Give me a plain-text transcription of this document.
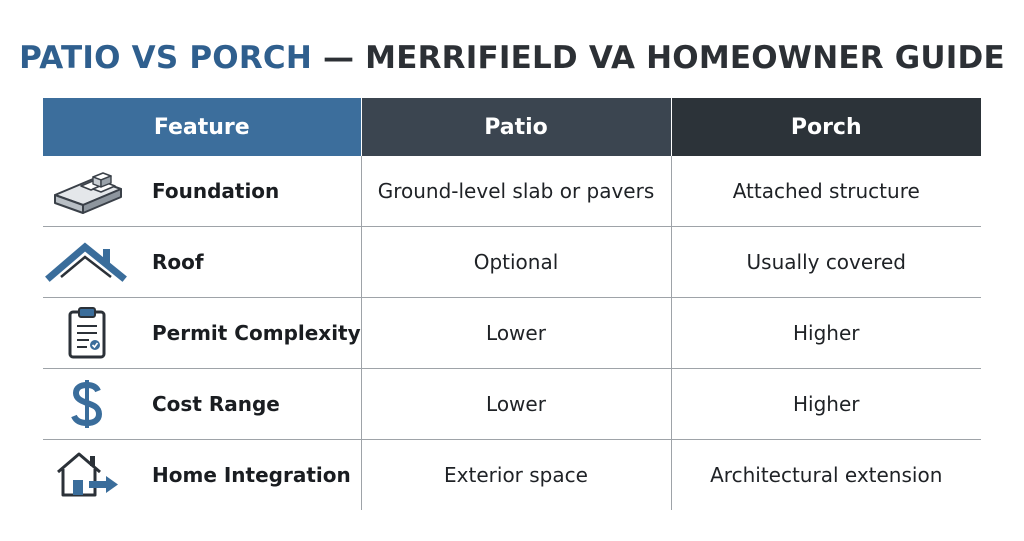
PATIO VS PORCH — MERRIFIELD VA HOMEOWNER GUIDE
Feature	Patio	Porch

Foundation	Ground-level slab or pavers	Attached structure

Roof	Optional	Usually covered

Permit Complexity	Lower	Higher

Cost Range	Lower	Higher

Home Integration	Exterior space	Architectural extension
